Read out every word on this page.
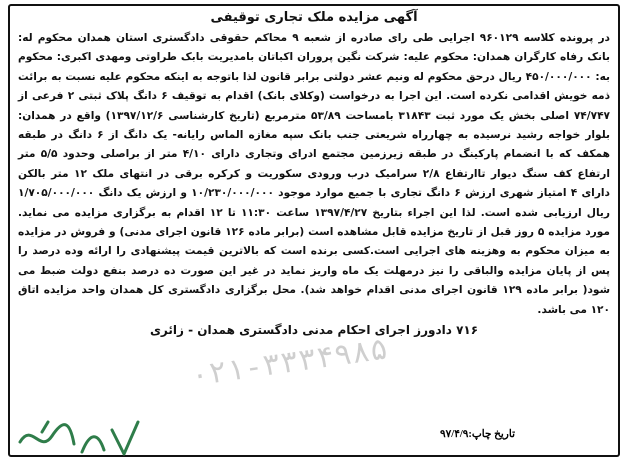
آگهی مزایده ملک تجاری توقیفی

در پرونده کلاسه ۹۶۰۱۲۹ اجرایی طی رای صادره از شعبه ۹ محاکم حقوقی دادگستری استان همدان محکوم له: بانک رفاه کارگران همدان: محکوم علیه: شرکت نگین پروران اکباتان بامدیریت بابک طراوتی ومهدی اکبری: محکوم به: ۴۵۰/۰۰۰/۰۰۰ ریال درحق محکوم له ونیم عشر دولتی برابر قانون لذا باتوجه به اینکه محکوم علیه نسبت به برائت ذمه خویش اقدامی نکرده است. این اجرا به درخواست (وکلای بانک) اقدام به توقیف ۶ دانگ پلاک ثبتی ۲ فرعی از ۷۴/۷۴۷ اصلی بخش یک مورد ثبت ۳۱۸۴۳ بامساحت ۵۳/۸۹ مترمربع (تاریخ کارشناسی ۱۳۹۷/۱۲/۶) واقع در همدان: بلوار خواجه رشید نرسیده به چهارراه شریعتی جنب بانک سپه مغازه الماس رایانه- یک دانگ از ۶ دانگ در طبقه همکف که با انضمام پارکینگ در طبقه زیرزمین مجتمع ادرای وتجاری دارای ۴/۱۰ متر از براصلی وحدود ۵/۵ متر ارتفاع کف سنگ دیوار تاارتفاع ۲/۸ سرامیک درب ورودی سکوریت و کرکره برقی در انتهای ملک ۱۲ متر بالکن دارای ۴ امتیاز شهری ارزش ۶ دانگ تجاری با جمیع موارد موجود ۱۰/۲۳۰/۰۰۰/۰۰۰ و ارزش یک دانگ ۱/۷۰۵/۰۰۰/۰۰۰ ریال ارزیابی شده است. لذا این اجراء بتاریخ ۱۳۹۷/۴/۲۷ ساعت ۱۱:۳۰ تا ۱۲ اقدام به برگزاری مزایده می نماید. مورد مزایده ۵ روز قبل از تاریخ مزایده قابل مشاهده است (برابر ماده ۱۲۶ قانون اجرای مدنی) و فروش در مزایده به میزان محکوم به وهزینه های اجرایی است.کسی برنده است که بالاترین قیمت پیشنهادی را ارائه وده درصد را پس از پایان مزایده والباقی را نیز درمهلت یک ماه واریز نماید در غیر این صورت ده درصد بنفع دولت ضبط می شود( برابر ماده ۱۲۹ قانون اجرای مدنی اقدام خواهد شد). محل برگزاری دادگستری کل همدان واحد مزایده اتاق ۱۲۰ می باشد.

۷۱۶ دادورز اجرای احکام مدنی دادگستری همدان - زائری
۰۲۱-۳۳۳۴۹۸۵
تاریخ چاپ:۹۷/۴/۹
